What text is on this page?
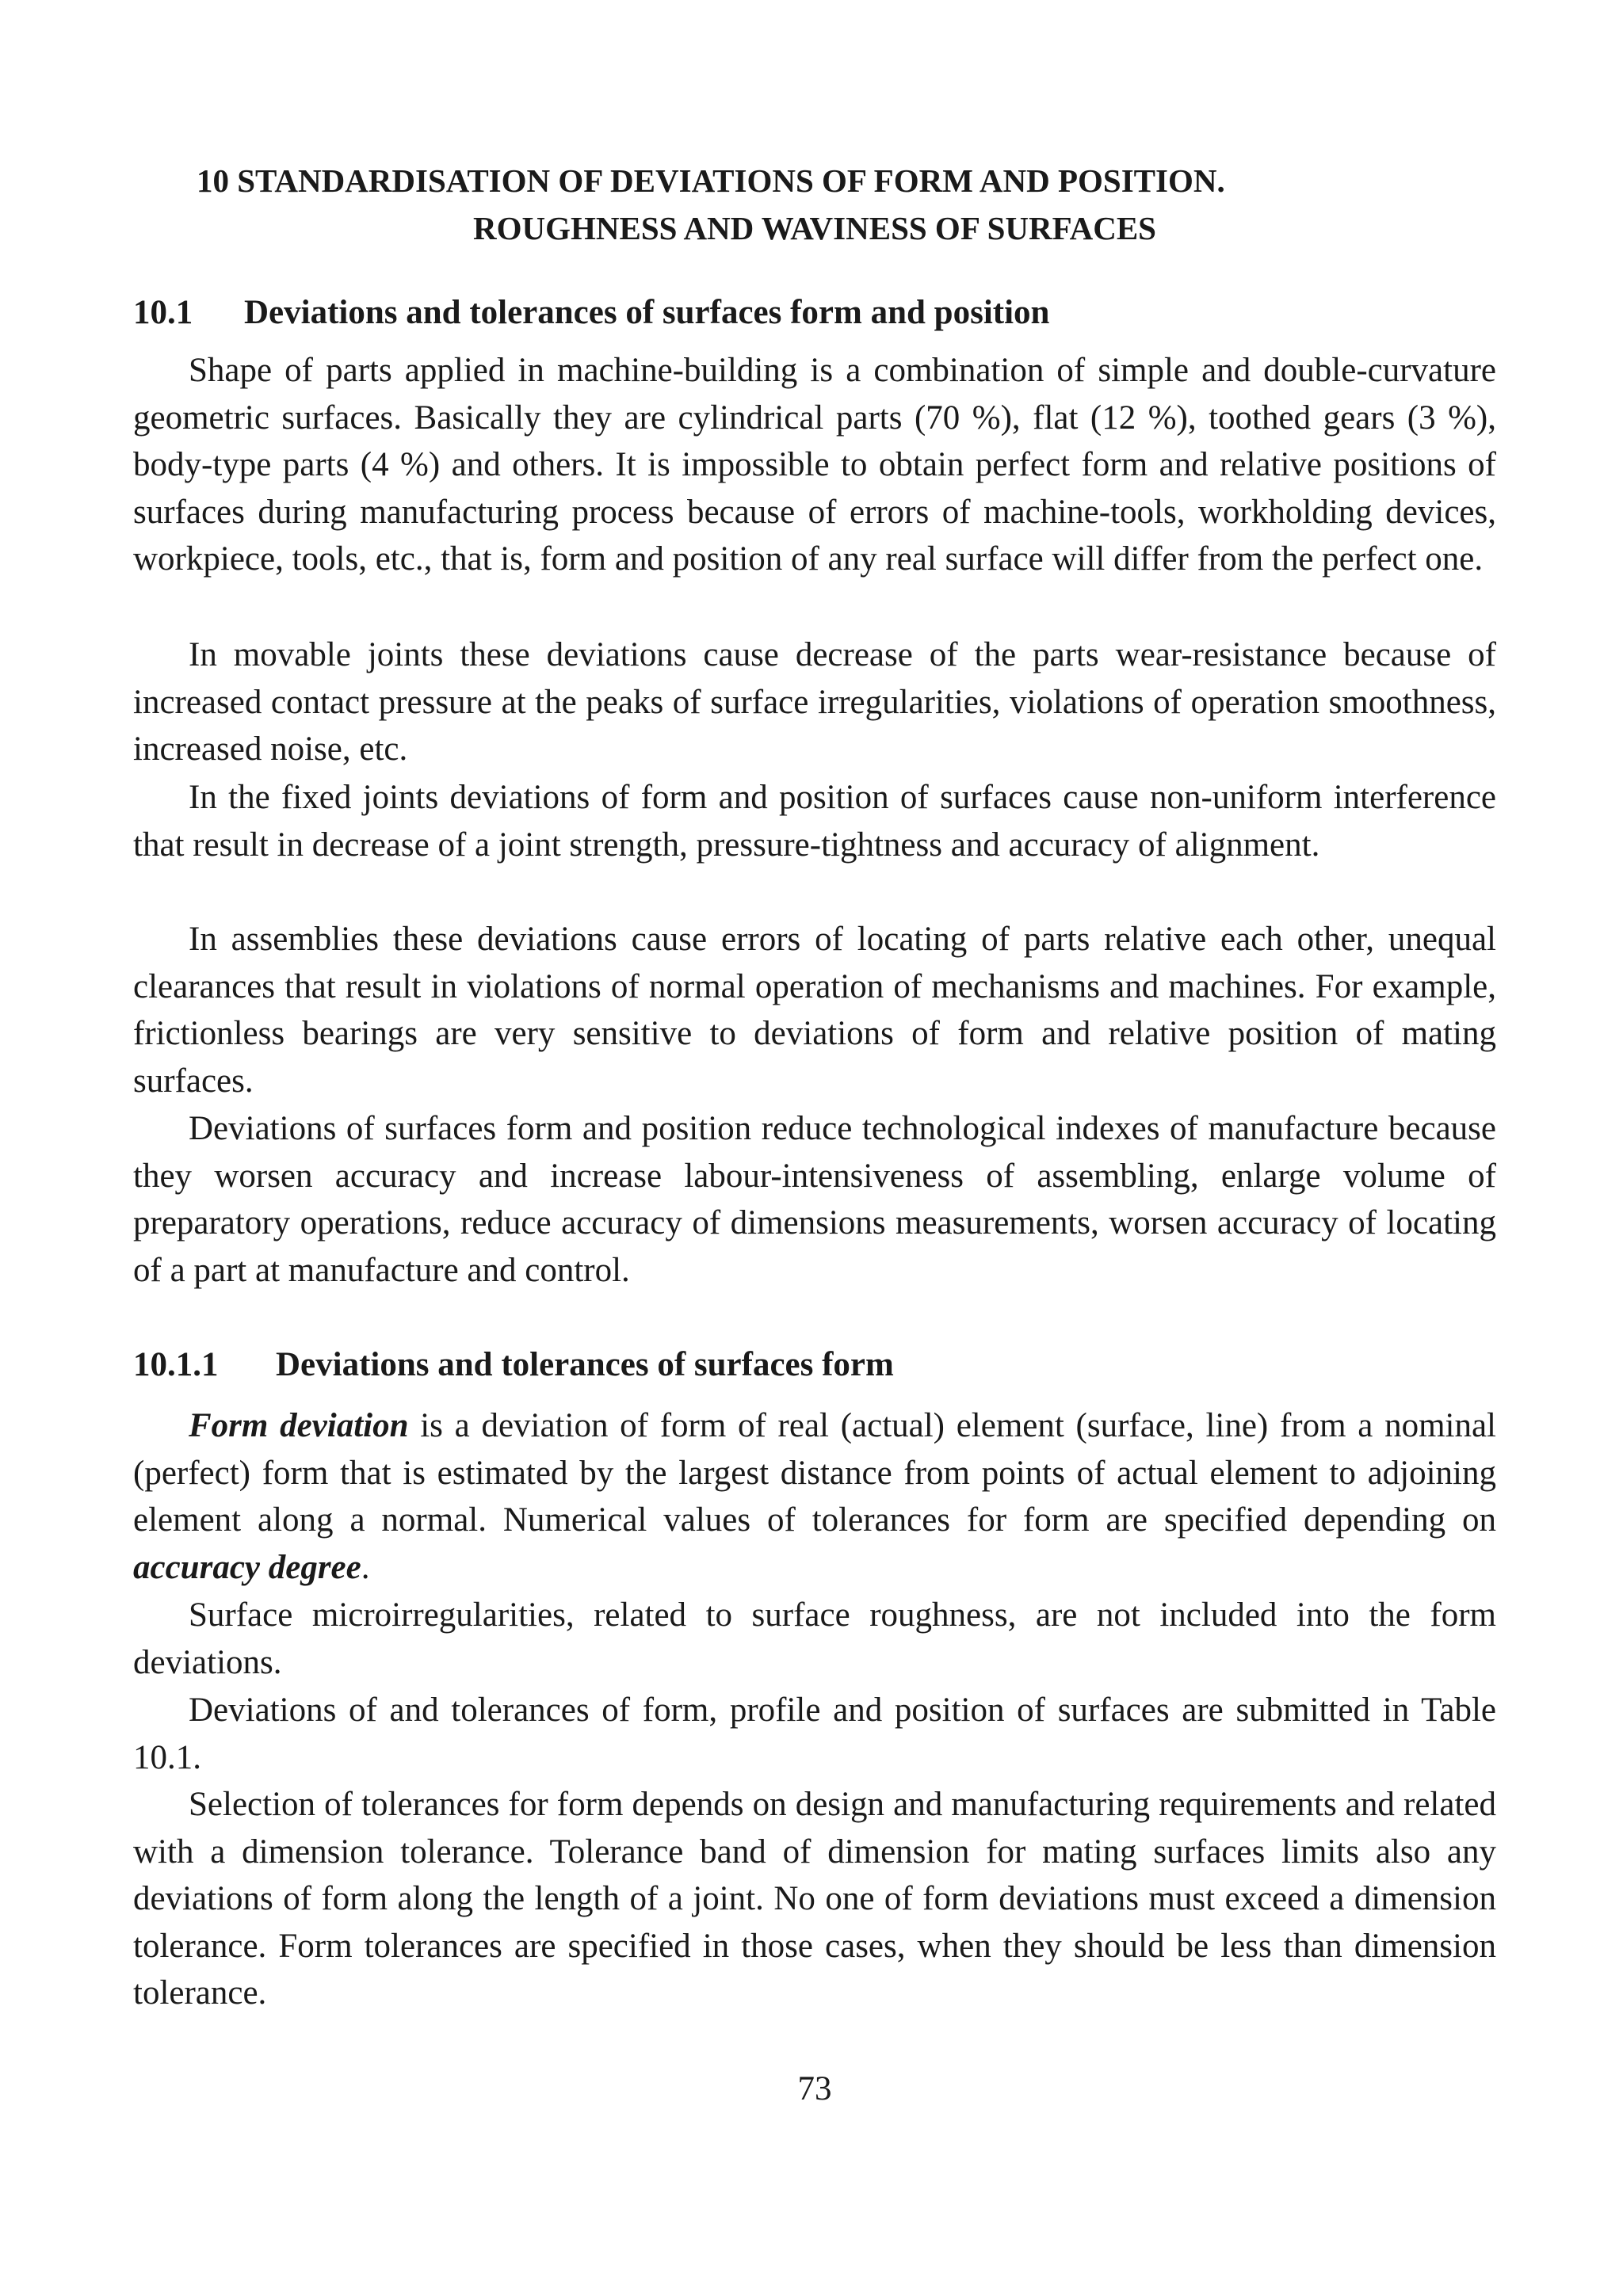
10 STANDARDISATION OF DEVIATIONS OF FORM AND POSITION.
ROUGHNESS AND WAVINESS OF SURFACES
10.1 Deviations and tolerances of surfaces form and position

Shape of parts applied in machine-building is a combination of simple and double-curvature geometric surfaces. Basically they are cylindrical parts (70 %), flat (12 %), toothed gears (3 %), body-type parts (4 %) and others. It is impossible to obtain perfect form and relative positions of surfaces during manufacturing process because of errors of machine-tools, workholding devices, workpiece, tools, etc., that is, form and position of any real surface will differ from the perfect one.

In movable joints these deviations cause decrease of the parts wear-resistance because of increased contact pressure at the peaks of surface irregularities, violations of operation smoothness, increased noise, etc.

In the fixed joints deviations of form and position of surfaces cause non-uniform interference that result in decrease of a joint strength, pressure-tightness and accuracy of alignment.

In assemblies these deviations cause errors of locating of parts relative each other, unequal clearances that result in violations of normal operation of mechanisms and machines. For example, frictionless bearings are very sensitive to deviations of form and relative position of mating surfaces.

Deviations of surfaces form and position reduce technological indexes of manufacture because they worsen accuracy and increase labour-intensiveness of assembling, enlarge volume of preparatory operations, reduce accuracy of dimensions measurements, worsen accuracy of locating of a part at manufacture and control.

10.1.1 Deviations and tolerances of surfaces form

Form deviation is a deviation of form of real (actual) element (surface, line) from a nominal (perfect) form that is estimated by the largest distance from points of actual element to adjoining element along a normal. Numerical values of tolerances for form are specified depending on accuracy degree.

Surface microirregularities, related to surface roughness, are not included into the form deviations.

Deviations of and tolerances of form, profile and position of surfaces are submitted in Table 10.1.

Selection of tolerances for form depends on design and manufacturing requirements and related with a dimension tolerance. Tolerance band of dimension for mating surfaces limits also any deviations of form along the length of a joint. No one of form deviations must exceed a dimension tolerance. Form tolerances are specified in those cases, when they should be less than dimension tolerance.

73
